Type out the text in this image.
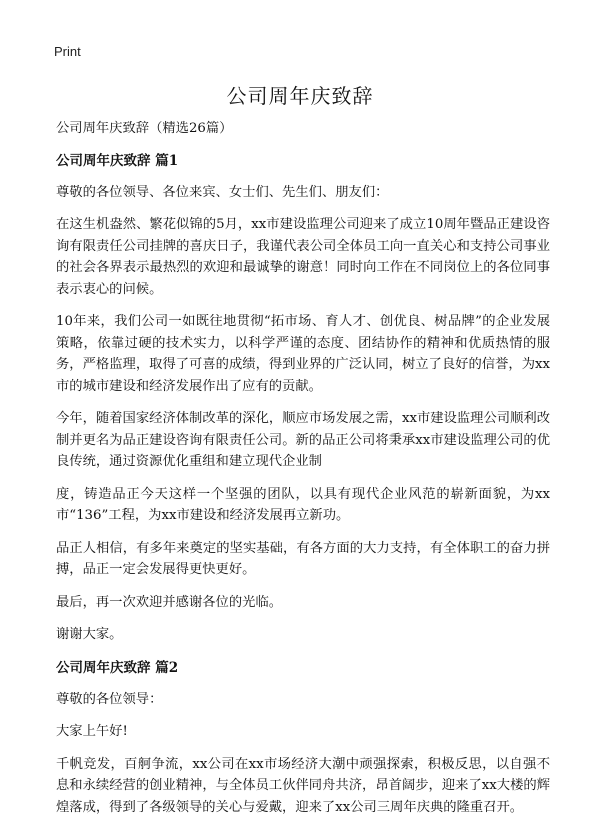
Print
公司周年庆致辞

公司周年庆致辞（精选26篇）

公司周年庆致辞 篇1

尊敬的各位领导、各位来宾、女士们、先生们、朋友们：

在这生机盎然、繁花似锦的5月，xx市建设监理公司迎来了成立10周年暨品正建设咨询有限责任公司挂牌的喜庆日子，我谨代表公司全体员工向一直关心和支持公司事业的社会各界表示最热烈的欢迎和最诚挚的谢意！同时向工作在不同岗位上的各位同事表示衷心的问候。

10年来，我们公司一如既往地贯彻“拓市场、育人才、创优良、树品牌”的企业发展策略，依靠过硬的技术实力，以科学严谨的态度、团结协作的精神和优质热情的服务，严格监理，取得了可喜的成绩，得到业界的广泛认同，树立了良好的信誉，为xx市的城市建设和经济发展作出了应有的贡献。

今年，随着国家经济体制改革的深化，顺应市场发展之需，xx市建设监理公司顺利改制并更名为品正建设咨询有限责任公司。新的品正公司将秉承xx市建设监理公司的优良传统，通过资源优化重组和建立现代企业制

度，铸造品正今天这样一个坚强的团队，以具有现代企业风范的崭新面貌，为xx市“136”工程，为xx市建设和经济发展再立新功。

品正人相信，有多年来奠定的坚实基础，有各方面的大力支持，有全体职工的奋力拼搏，品正一定会发展得更快更好。

最后，再一次欢迎并感谢各位的光临。

谢谢大家。

公司周年庆致辞 篇2

尊敬的各位领导：

大家上午好!

千帆竞发，百舸争流，xx公司在xx市场经济大潮中顽强探索，积极反思，以自强不息和永续经营的创业精神，与全体员工伙伴同舟共济，昂首阔步，迎来了xx大楼的辉煌落成，得到了各级领导的关心与爱戴，迎来了xx公司三周年庆典的隆重召开。
